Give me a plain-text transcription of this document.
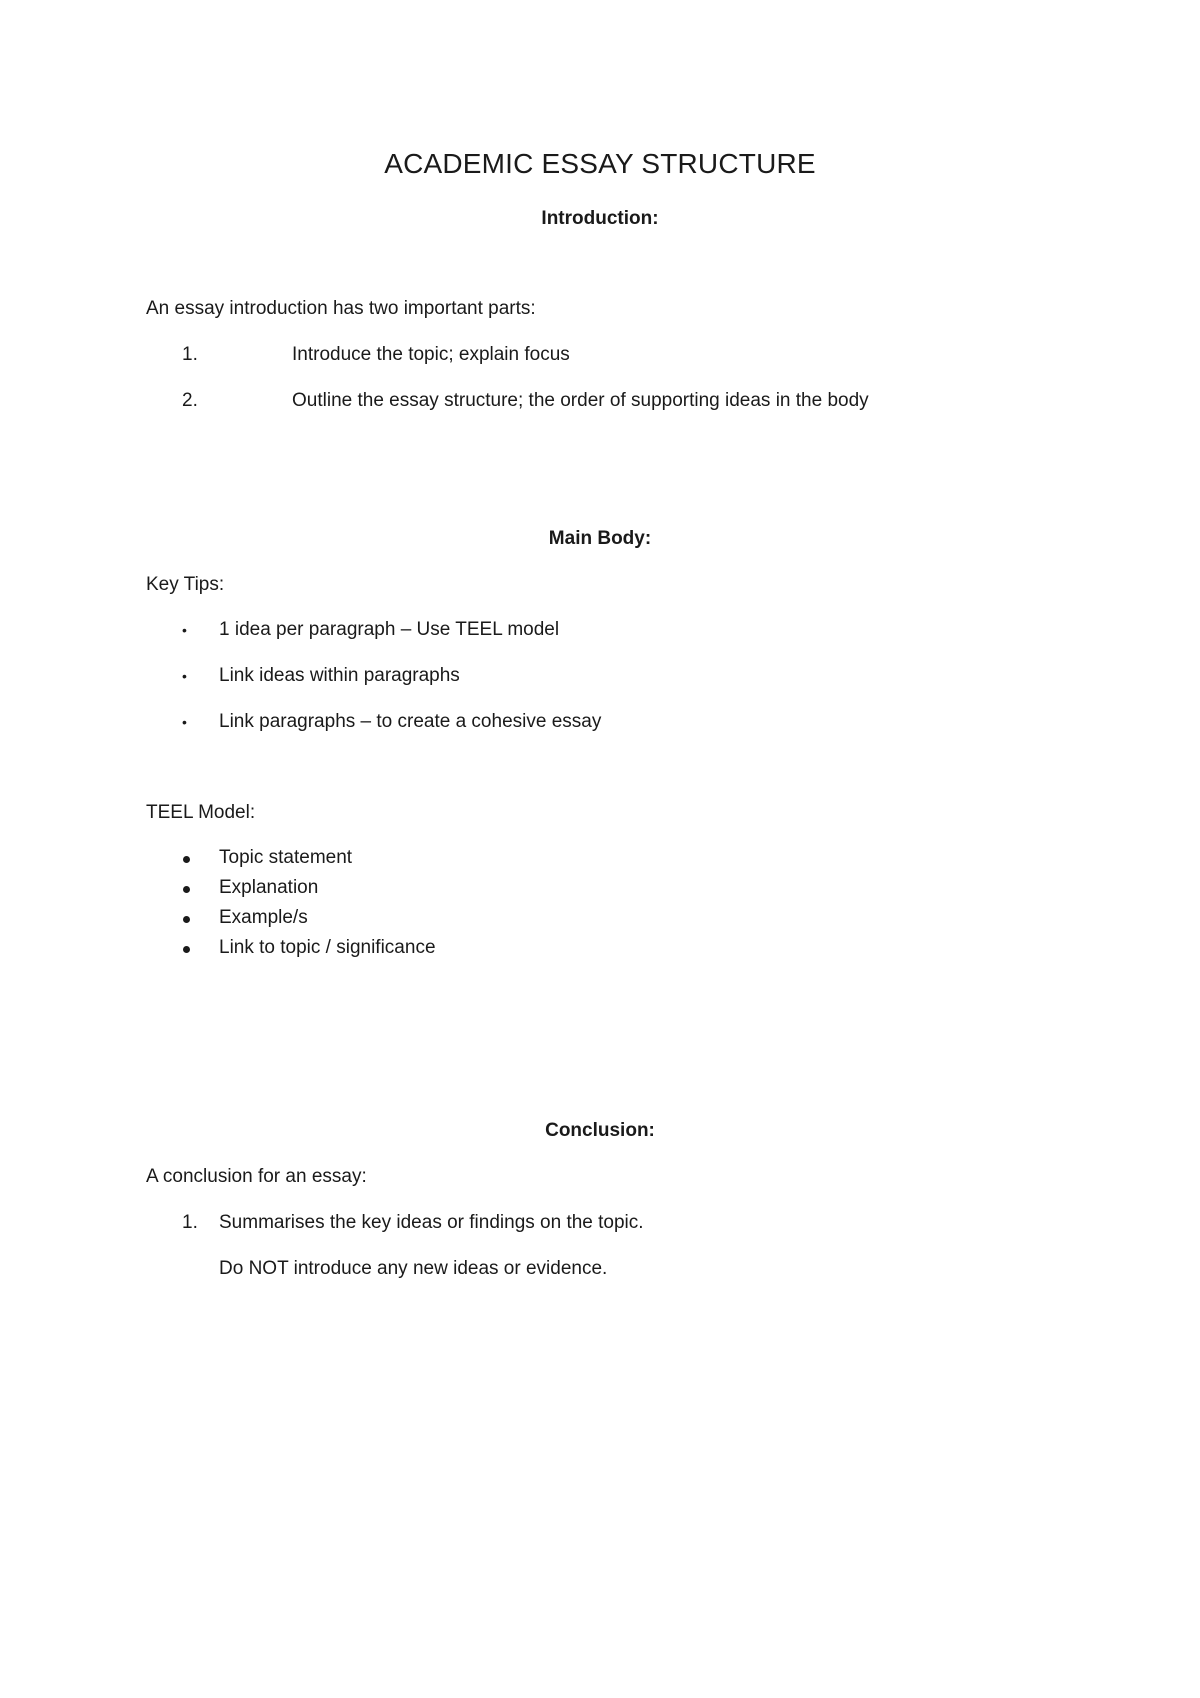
ACADEMIC ESSAY STRUCTURE
Introduction:
An essay introduction has two important parts:
1.	Introduce the topic; explain focus
2.	Outline the essay structure; the order of supporting ideas in the body
Main Body:
Key Tips:
• 1 idea per paragraph – Use TEEL model
• Link ideas within paragraphs
• Link paragraphs – to create a cohesive essay
TEEL Model:
Topic statement
Explanation
Example/s
Link to topic / significance
Conclusion:
A conclusion for an essay:
1. Summarises the key ideas or findings on the topic.
Do NOT introduce any new ideas or evidence.
